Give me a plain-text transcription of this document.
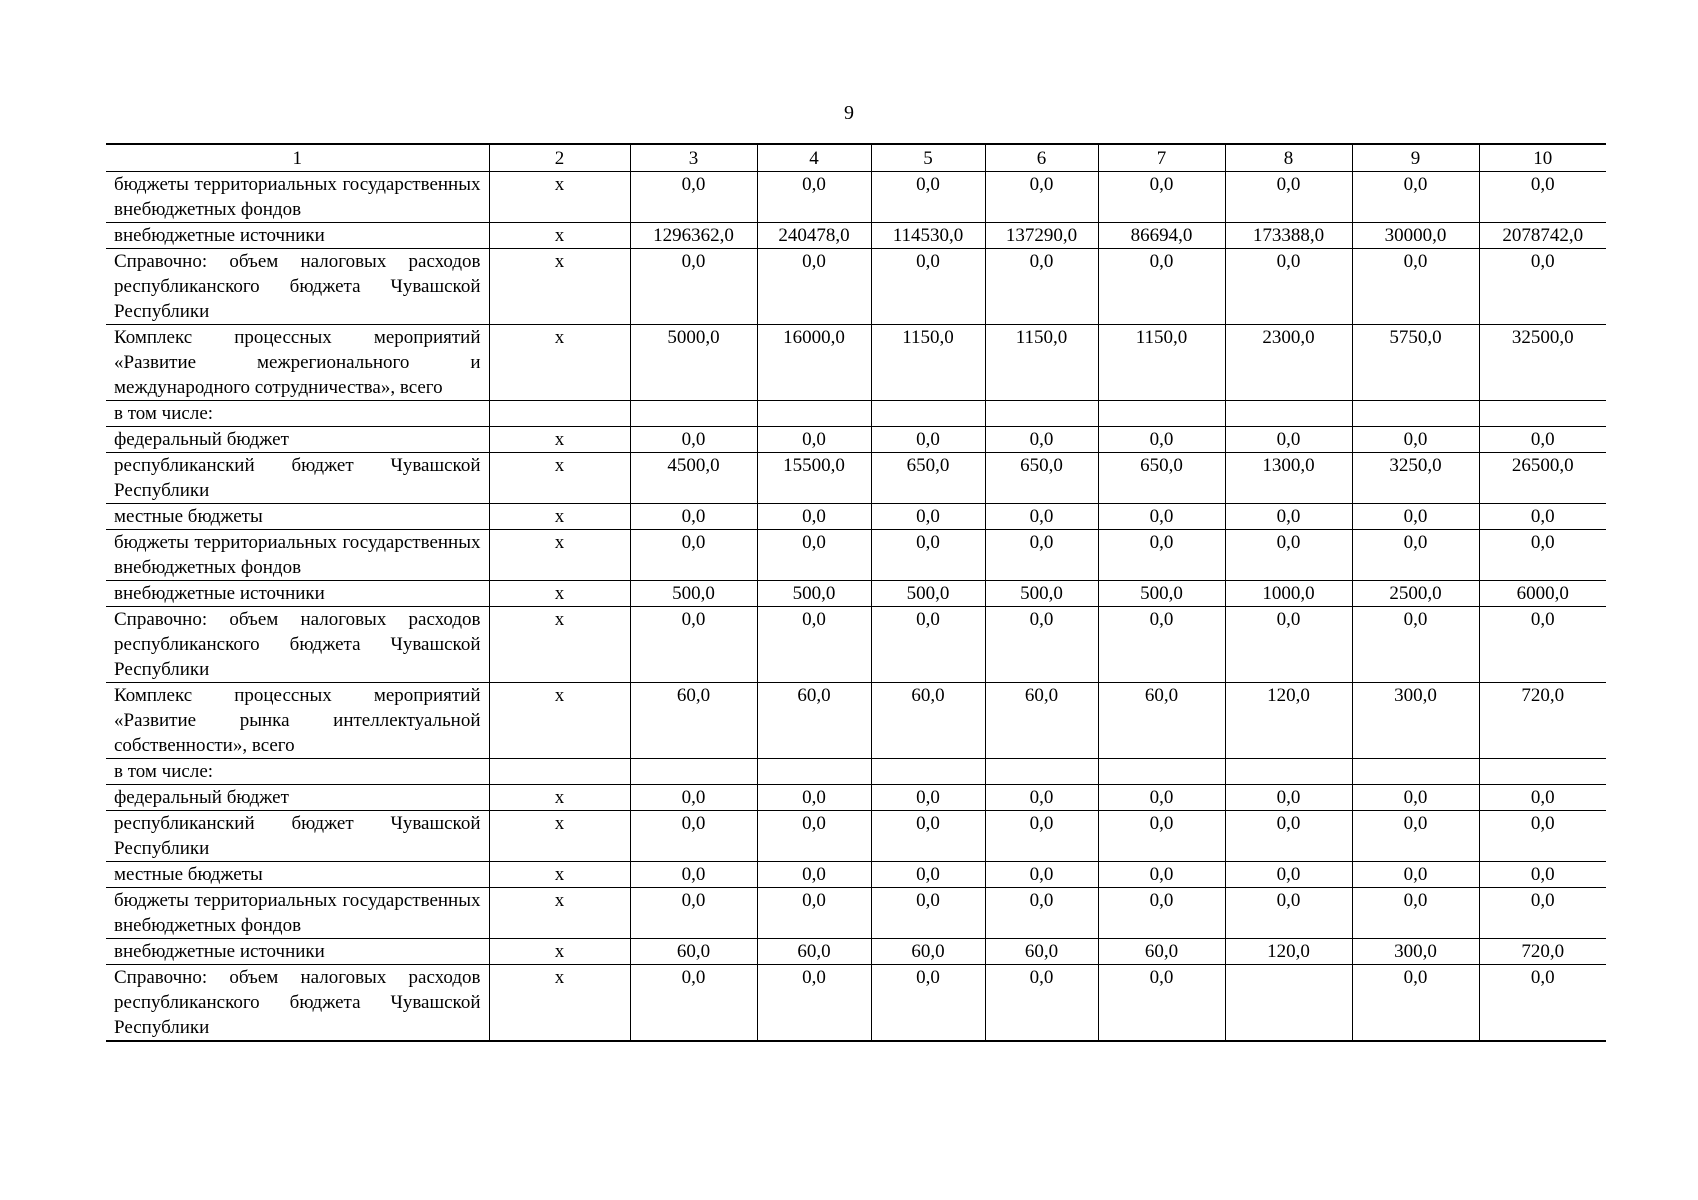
9
1	2	3	4	5	6	7	8	9	10
бюджеты территориальных государственных внебюджетных фондов	х	0,0	0,0	0,0	0,0	0,0	0,0	0,0	0,0
внебюджетные источники	х	1296362,0	240478,0	114530,0	137290,0	86694,0	173388,0	30000,0	2078742,0
Справочно: объем налоговых расходов республиканского бюджета Чувашской Республики	х	0,0	0,0	0,0	0,0	0,0	0,0	0,0	0,0
Комплекс процессных мероприятий «Развитие межрегионального и международного сотрудничества», всего	х	5000,0	16000,0	1150,0	1150,0	1150,0	2300,0	5750,0	32500,0
в том числе:									
федеральный бюджет	х	0,0	0,0	0,0	0,0	0,0	0,0	0,0	0,0
республиканский бюджет Чувашской Республики	х	4500,0	15500,0	650,0	650,0	650,0	1300,0	3250,0	26500,0
местные бюджеты	х	0,0	0,0	0,0	0,0	0,0	0,0	0,0	0,0
бюджеты территориальных государственных внебюджетных фондов	х	0,0	0,0	0,0	0,0	0,0	0,0	0,0	0,0
внебюджетные источники	х	500,0	500,0	500,0	500,0	500,0	1000,0	2500,0	6000,0
Справочно: объем налоговых расходов республиканского бюджета Чувашской Республики	х	0,0	0,0	0,0	0,0	0,0	0,0	0,0	0,0
Комплекс процессных мероприятий «Развитие рынка интеллектуальной собственности», всего	х	60,0	60,0	60,0	60,0	60,0	120,0	300,0	720,0
в том числе:									
федеральный бюджет	х	0,0	0,0	0,0	0,0	0,0	0,0	0,0	0,0
республиканский бюджет Чувашской Республики	х	0,0	0,0	0,0	0,0	0,0	0,0	0,0	0,0
местные бюджеты	х	0,0	0,0	0,0	0,0	0,0	0,0	0,0	0,0
бюджеты территориальных государственных внебюджетных фондов	х	0,0	0,0	0,0	0,0	0,0	0,0	0,0	0,0
внебюджетные источники	х	60,0	60,0	60,0	60,0	60,0	120,0	300,0	720,0
Справочно: объем налоговых расходов республиканского бюджета Чувашской Республики	х	0,0	0,0	0,0	0,0	0,0		0,0	0,0
